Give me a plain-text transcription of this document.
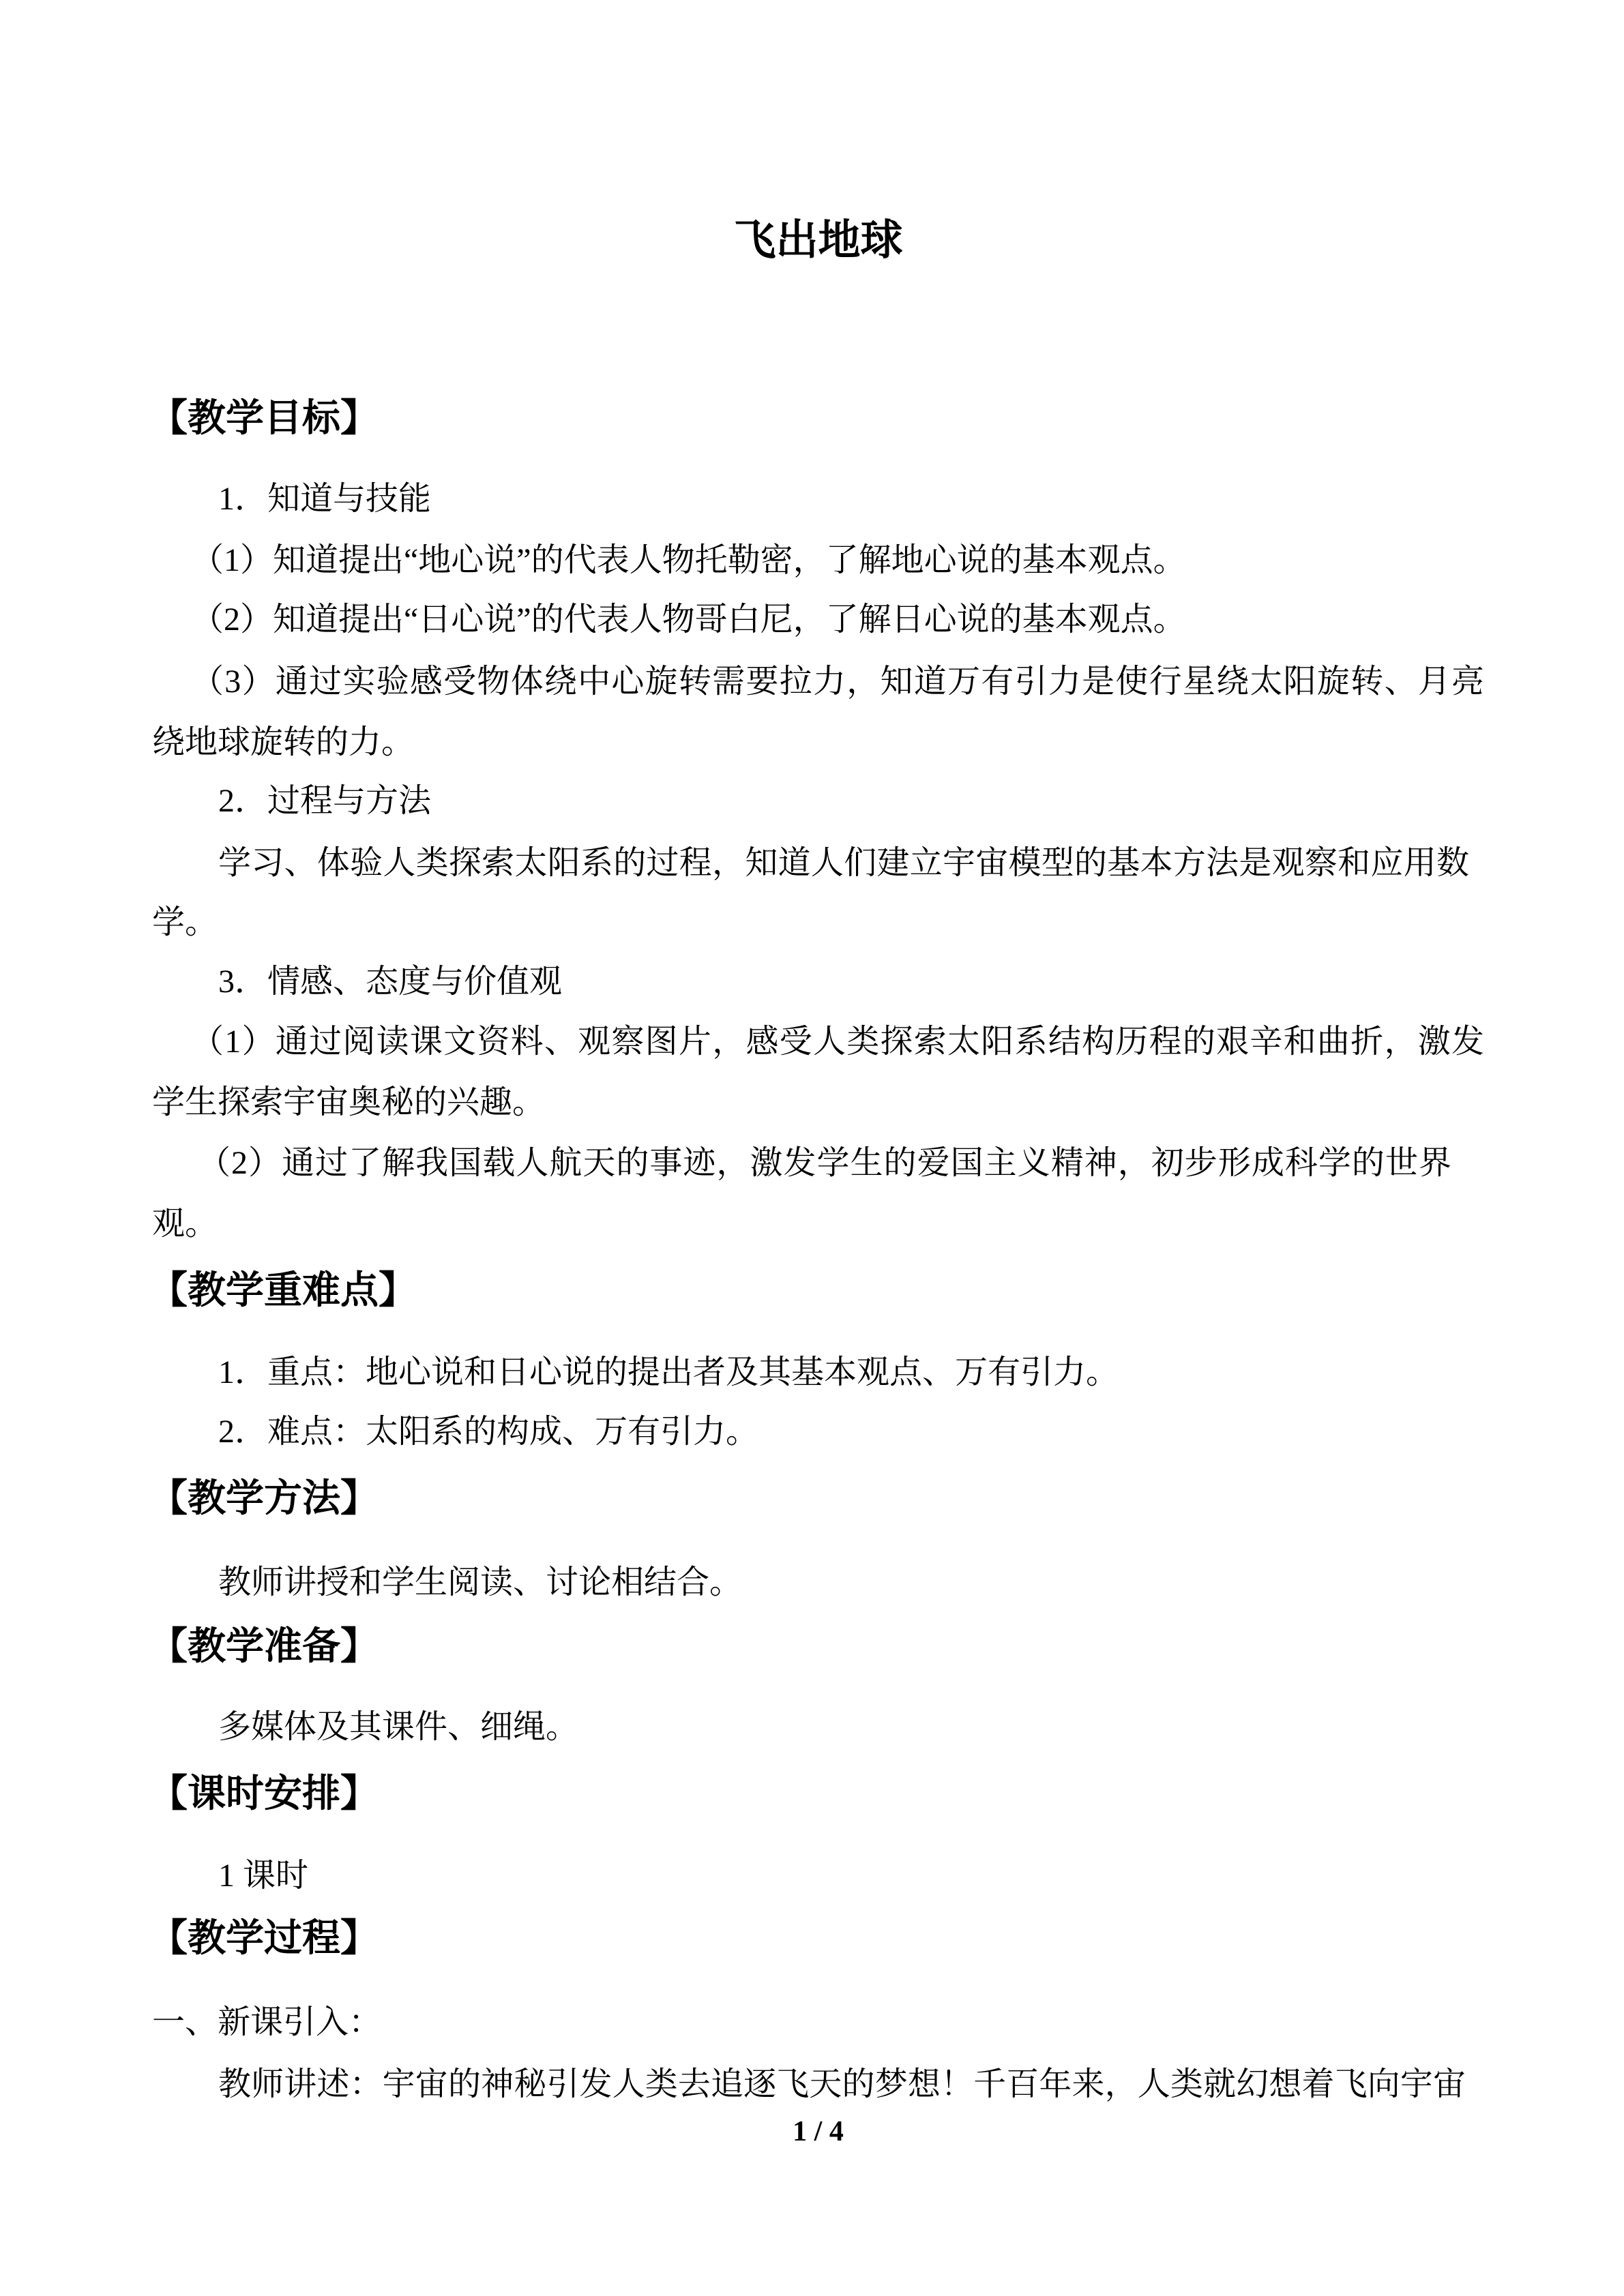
飞出地球
【教学目标】
1．知道与技能
（1）知道提出“地心说”的代表人物托勒密，了解地心说的基本观点。
（2）知道提出“日心说”的代表人物哥白尼，了解日心说的基本观点。
（3）通过实验感受物体绕中心旋转需要拉力，知道万有引力是使行星绕太阳旋转、月亮
绕地球旋转的力。
2．过程与方法
学习、体验人类探索太阳系的过程，知道人们建立宇宙模型的基本方法是观察和应用数
学。
3．情感、态度与价值观
（1）通过阅读课文资料、观察图片，感受人类探索太阳系结构历程的艰辛和曲折，激发
学生探索宇宙奥秘的兴趣。
（2）通过了解我国载人航天的事迹，激发学生的爱国主义精神，初步形成科学的世界
观。
【教学重难点】
1．重点：地心说和日心说的提出者及其基本观点、万有引力。
2．难点：太阳系的构成、万有引力。
【教学方法】
教师讲授和学生阅读、讨论相结合。
【教学准备】
多媒体及其课件、细绳。
【课时安排】
1 课时
【教学过程】
一、新课引入：
教师讲述：宇宙的神秘引发人类去追逐飞天的梦想！千百年来，人类就幻想着飞向宇宙
1 / 4
